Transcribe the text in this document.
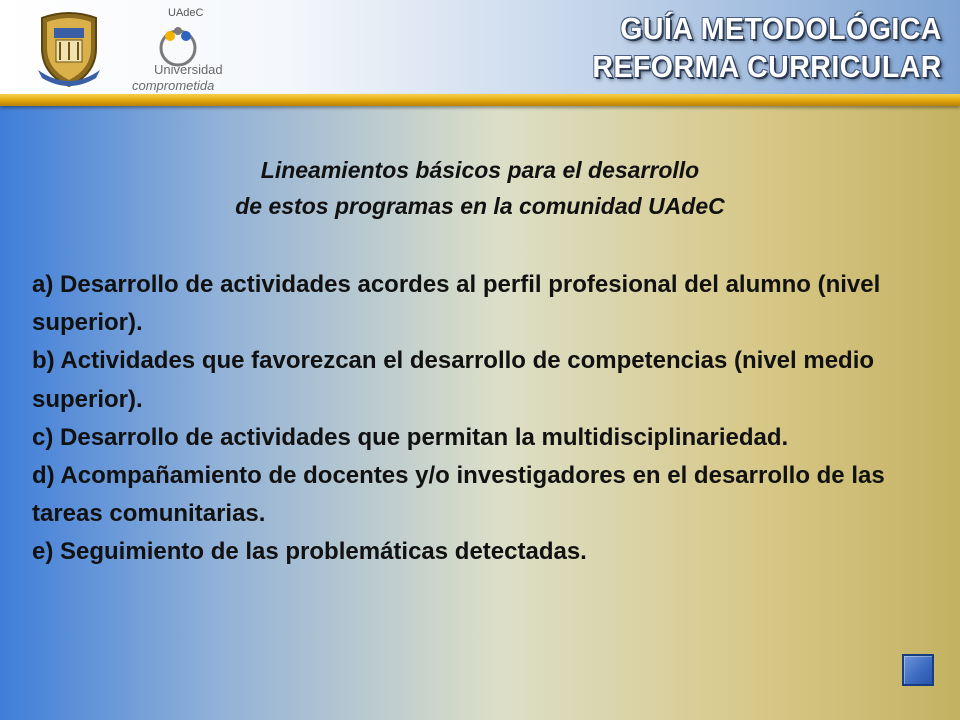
UAdeC
Universidad
comprometida
GUÍA METODOLÓGICA
REFORMA CURRICULAR
Lineamientos básicos para el desarrollo
de estos programas en la comunidad UAdeC

a) Desarrollo de actividades acordes al perfil profesional del alumno (nivel superior).

b) Actividades que favorezcan el desarrollo de competencias (nivel medio superior).

c) Desarrollo de actividades que permitan la multidisciplinariedad.

d) Acompañamiento de docentes y/o investigadores en el desarrollo de las tareas comunitarias.

e) Seguimiento de las problemáticas detectadas.
